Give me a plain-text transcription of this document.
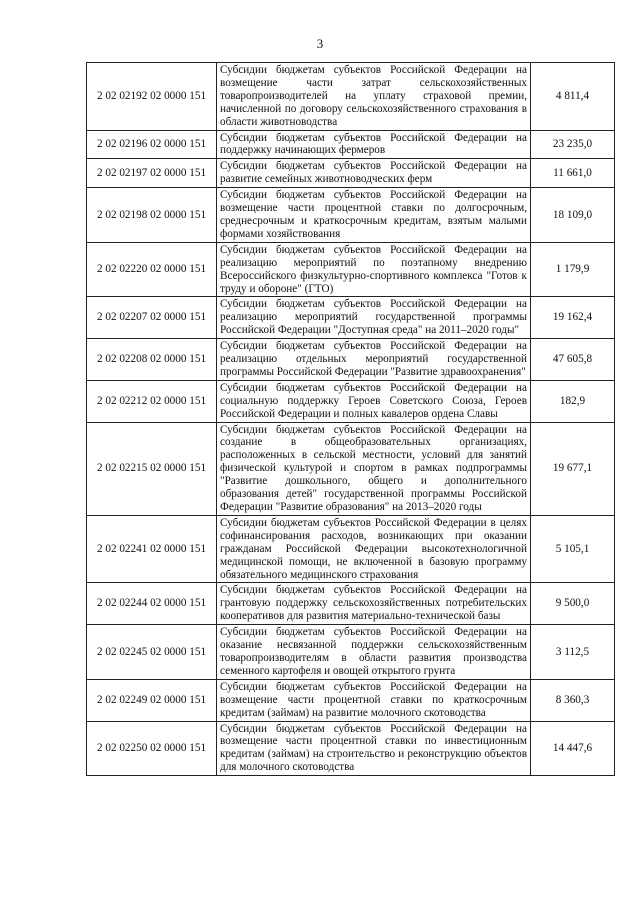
3
2 02 02192 02 0000 151	Субсидии бюджетам субъектов Российской Федерации на возмещение части затрат сельскохозяйственных товаропроизводителей на уплату страховой премии, начисленной по договору сельскохозяйственного страхования в области животноводства	4 811,4
2 02 02196 02 0000 151	Субсидии бюджетам субъектов Российской Федерации на поддержку начинающих фермеров	23 235,0
2 02 02197 02 0000 151	Субсидии бюджетам субъектов Российской Федерации на развитие семейных животноводческих ферм	11 661,0
2 02 02198 02 0000 151	Субсидии бюджетам субъектов Российской Федерации на возмещение части процентной ставки по долгосрочным, среднесрочным и краткосрочным кредитам, взятым малыми формами хозяйствования	18 109,0
2 02 02220 02 0000 151	Субсидии бюджетам субъектов Российской Федерации на реализацию мероприятий по поэтапному внедрению Всероссийского физкультурно-спортивного комплекса "Готов к труду и обороне" (ГТО)	1 179,9
2 02 02207 02 0000 151	Субсидии бюджетам субъектов Российской Федерации на реализацию мероприятий государственной программы Российской Федерации "Доступная среда" на 2011–2020 годы"	19 162,4
2 02 02208 02 0000 151	Субсидии бюджетам субъектов Российской Федерации на реализацию отдельных мероприятий государственной программы Российской Федерации "Развитие здравоохранения"	47 605,8
2 02 02212 02 0000 151	Субсидии бюджетам субъектов Российской Федерации на социальную поддержку Героев Советского Союза, Героев Российской Федерации и полных кавалеров ордена Славы	182,9
2 02 02215 02 0000 151	Субсидии бюджетам субъектов Российской Федерации на создание в общеобразовательных организациях, расположенных в сельской местности, условий для занятий физической культурой и спортом в рамках подпрограммы "Развитие дошкольного, общего и дополнительного образования детей" государственной программы Российской Федерации "Развитие образования" на 2013–2020 годы	19 677,1
2 02 02241 02 0000 151	Субсидии бюджетам субъектов Российской Федерации в целях софинансирования расходов, возникающих при оказании гражданам Российской Федерации высокотехнологичной медицинской помощи, не включенной в базовую программу обязательного медицинского страхования	5 105,1
2 02 02244 02 0000 151	Субсидии бюджетам субъектов Российской Федерации на грантовую поддержку сельскохозяйственных потребительских кооперативов для развития материально-технической базы	9 500,0
2 02 02245 02 0000 151	Субсидии бюджетам субъектов Российской Федерации на оказание несвязанной поддержки сельскохозяйственным товаропроизводителям в области развития производства семенного картофеля и овощей открытого грунта	3 112,5
2 02 02249 02 0000 151	Субсидии бюджетам субъектов Российской Федерации на возмещение части процентной ставки по краткосрочным кредитам (займам) на развитие молочного скотоводства	8 360,3
2 02 02250 02 0000 151	Субсидии бюджетам субъектов Российской Федерации на возмещение части процентной ставки по инвестиционным кредитам (займам) на строительство и реконструкцию объектов для молочного скотоводства	14 447,6
